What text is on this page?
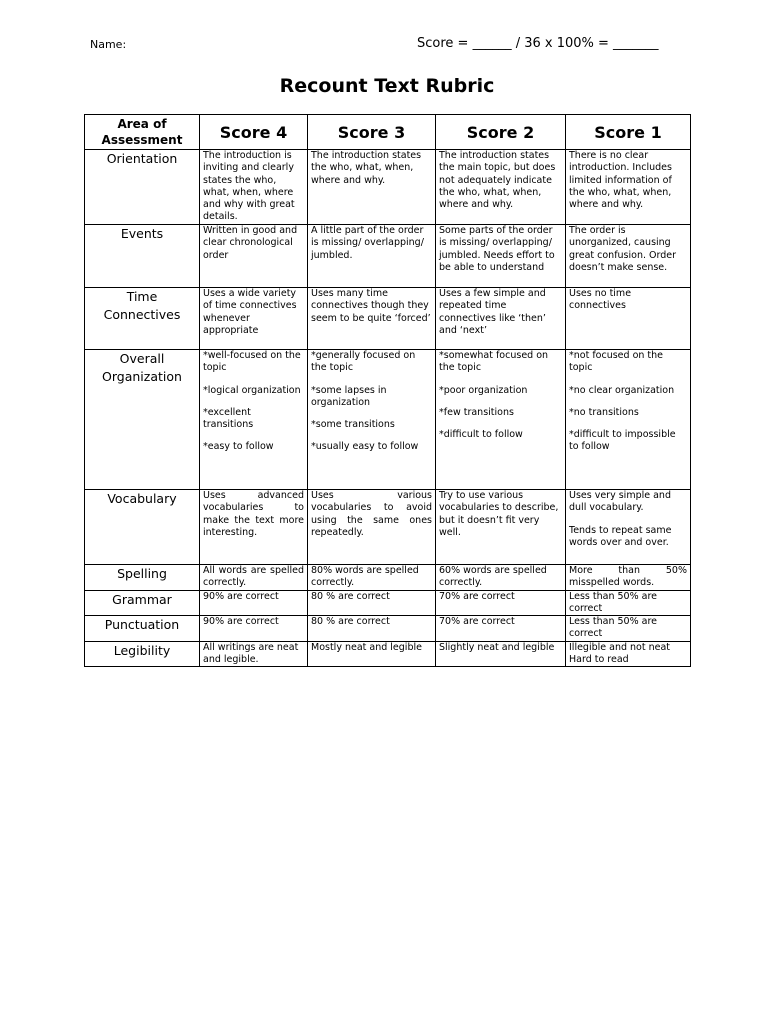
Name:	Score = ______ / 36 x 100% = _______
Recount Text Rubric
Area of Assessment	Score 4	Score 3	Score 2	Score 1
Orientation	The introduction is inviting and clearly states the who, what, when, where and why with great details.	The introduction states the who, what, when, where and why.	The introduction states the main topic, but does not adequately indicate the who, what, when, where and why.	There is no clear introduction. Includes limited information of the who, what, when, where and why.
Events	Written in good and clear chronological order	A little part of the order is missing/ overlapping/ jumbled.	Some parts of the order is missing/ overlapping/ jumbled. Needs effort to be able to understand	The order is unorganized, causing great confusion. Order doesn’t make sense.
Time Connectives	Uses a wide variety of time connectives whenever appropriate	Uses many time connectives though they seem to be quite ‘forced’	Uses a few simple and repeated time connectives like ‘then’ and ‘next’	Uses no time connectives
Overall Organization	*well-focused on the topic
*logical organization
*excellent transitions
*easy to follow	*generally focused on the topic
*some lapses in organization
*some transitions
*usually easy to follow	*somewhat focused on the topic
*poor organization
*few transitions
*difficult to follow	*not focused on the topic
*no clear organization
*no transitions
*difficult to impossible to follow

Vocabulary	Uses advanced vocabularies to make the text more interesting.	Uses various vocabularies to avoid using the same ones repeatedly.	Try to use various vocabularies to describe, but it doesn’t fit very well.	Uses very simple and dull vocabulary.
Tends to repeat same words over and over.

Spelling	All words are spelled correctly.	80% words are spelled correctly.	60% words are spelled correctly.	More than 50% misspelled words.
Grammar	90% are correct	80 % are correct	70% are correct	Less than 50% are correct
Punctuation	90% are correct	80 % are correct	70% are correct	Less than 50% are correct
Legibility	All writings are neat and legible.	Mostly neat and legible	Slightly neat and legible	Illegible and not neat Hard to read
